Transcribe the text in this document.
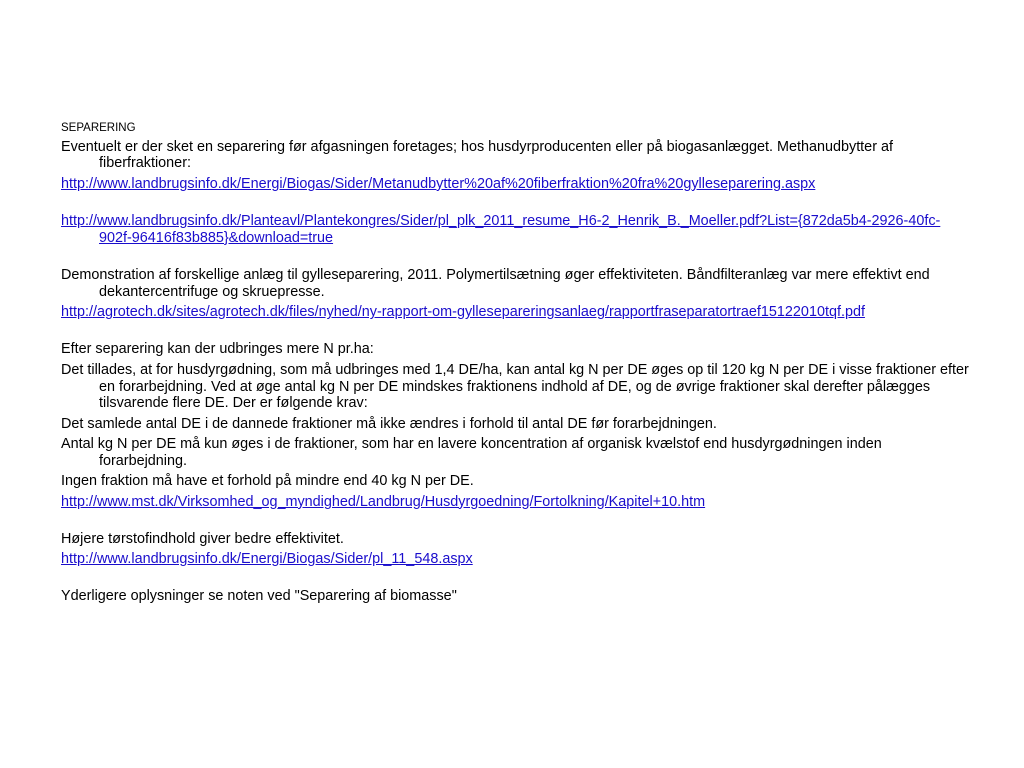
SEPARERING

Eventuelt er der sket en separering før afgasningen foretages; hos husdyrproducenten eller på biogasanlægget. Methanudbytter af fiberfraktioner:

http://www.landbrugsinfo.dk/Energi/Biogas/Sider/Metanudbytter%20af%20fiberfraktion%20fra%20gylleseparering.aspx

http://www.landbrugsinfo.dk/Planteavl/Plantekongres/Sider/pl_plk_2011_resume_H6-2_Henrik_B._Moeller.pdf?List={872da5b4-2926-40fc-902f-96416f83b885}&download=true

Demonstration af forskellige anlæg til gylleseparering, 2011. Polymertilsætning øger effektiviteten. Båndfilteranlæg var mere effektivt end dekantercentrifuge og skruepresse.

http://agrotech.dk/sites/agrotech.dk/files/nyhed/ny-rapport-om-gyllesepareringsanlaeg/rapportfraseparatortraef15122010tqf.pdf

Efter separering kan der udbringes mere N pr.ha:

Det tillades, at for husdyrgødning, som må udbringes med 1,4 DE/ha, kan antal kg N per DE øges op til 120 kg N per DE i visse fraktioner efter en forarbejdning. Ved at øge antal kg N per DE mindskes fraktionens indhold af DE, og de øvrige fraktioner skal derefter pålægges tilsvarende flere DE. Der er følgende krav:

Det samlede antal DE i de dannede fraktioner må ikke ændres i forhold til antal DE før forarbejdningen.

Antal kg N per DE må kun øges i de fraktioner, som har en lavere koncentration af organisk kvælstof end husdyrgødningen inden forarbejdning.

Ingen fraktion må have et forhold på mindre end 40 kg N per DE.

http://www.mst.dk/Virksomhed_og_myndighed/Landbrug/Husdyrgoedning/Fortolkning/Kapitel+10.htm

Højere tørstofindhold giver bedre effektivitet.

http://www.landbrugsinfo.dk/Energi/Biogas/Sider/pl_11_548.aspx

Yderligere oplysninger se noten ved "Separering af biomasse"
